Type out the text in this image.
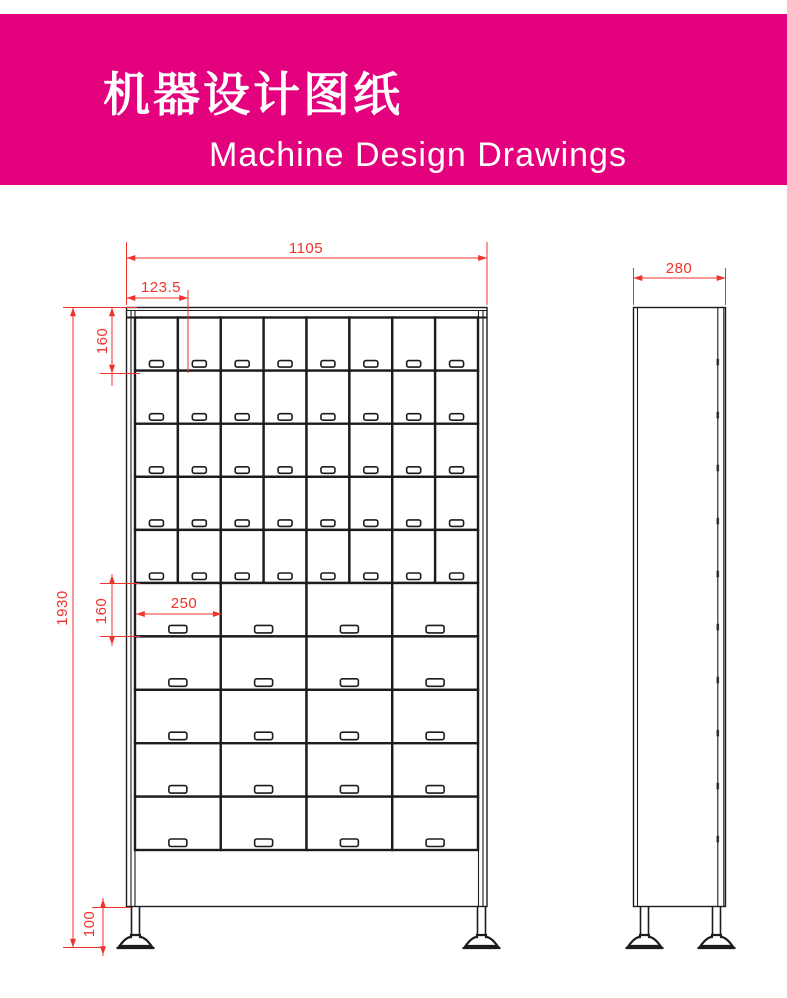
机器设计图纸
Machine Design Drawings
1105
123.5
160
1930 160	250
100
280
